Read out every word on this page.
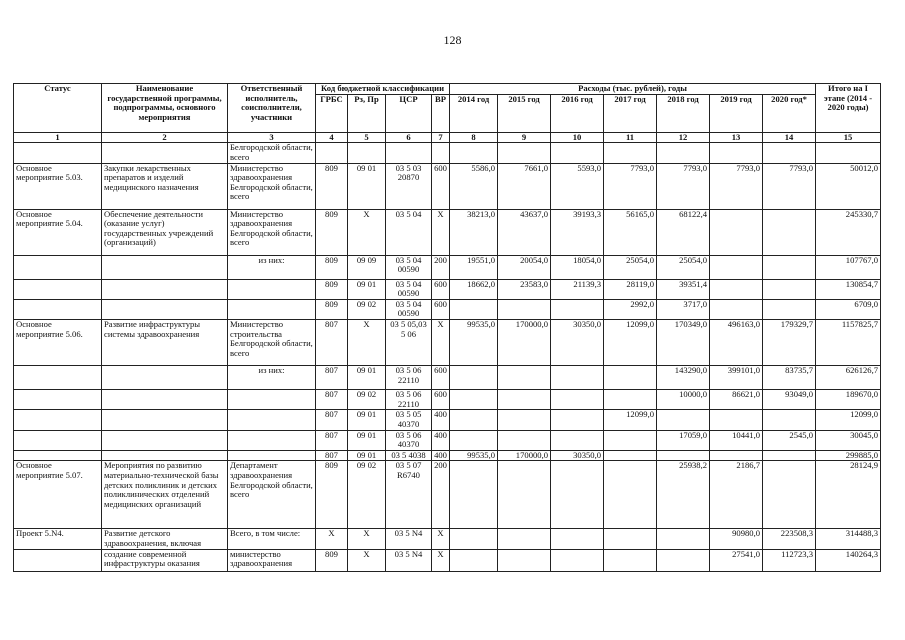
128
Статус	Наименование государственной программы, подпрограммы, основного мероприятия	Ответственный исполнитель, соисполнители, участники	Код бюджетной классификации				Расходы (тыс. рублей), годы							Итого на I этапе (2014 - 2020 годы)
			ГРБС	Рз, Пр	ЦСР	ВР	2014 год	2015 год	2016 год	2017 год	2018 год	2019 год	2020 год*	
1	2	3	4	5	6	7	8	9	10	11	12	13	14	15
		Белгородской области, всего												
Основное мероприятие 5.03.	Закупки лекарственных препаратов и изделий медицинского назначения	Министерство здравоохранения Белгородской области, всего	809	09 01	03 5 03 20870	600	5586,0	7661,0	5593,0	7793,0	7793,0	7793,0	7793,0	50012,0
Основное мероприятие 5.04.	Обеспечение деятельности (оказание услуг) государственных учреждений (организаций)	Министерство здравоохранения Белгородской области, всего	809	X	03 5 04	X	38213,0	43637,0	39193,3	56165,0	68122,4			245330,7
		из них:	809	09 09	03 5 04 00590	200	19551,0	20054,0	18054,0	25054,0	25054,0			107767,0
			809	09 01	03 5 04 00590	600	18662,0	23583,0	21139,3	28119,0	39351,4			130854,7
			809	09 02	03 5 04 00590	600				2992,0	3717,0			6709,0
Основное мероприятие 5.06.	Развитие инфраструктуры системы здравоохранения	Министерство строительства Белгородской области, всего	807	X	03 5 05,03 5 06	X	99535,0	170000,0	30350,0	12099,0	170349,0	496163,0	179329,7	1157825,7
		из них:	807	09 01	03 5 06 22110	600					143290,0	399101,0	83735,7	626126,7
			807	09 02	03 5 06 22110	600					10000,0	86621,0	93049,0	189670,0
			807	09 01	03 5 05 40370	400				12099,0				12099,0
			807	09 01	03 5 06 40370	400					17059,0	10441,0	2545,0	30045,0
			807	09 01	03 5 4038	400	99535,0	170000,0	30350,0					299885,0
Основное мероприятие 5.07.	Мероприятия по развитию материально-технической базы детских поликлиник и детских поликлинических отделений медицинских организаций	Департамент здравоохранения Белгородской области, всего	809	09 02	03 5 07 R6740	200					25938,2	2186,7		28124,9
Проект 5.N4.	Развитие детского здравоохранения, включая	Всего, в том числе:	X	X	03 5 N4	X						90980,0	223508,3	314488,3
	создание современной инфраструктуры оказания	министерство здравоохранения	809	X	03 5 N4	X						27541,0	112723,3	140264,3
